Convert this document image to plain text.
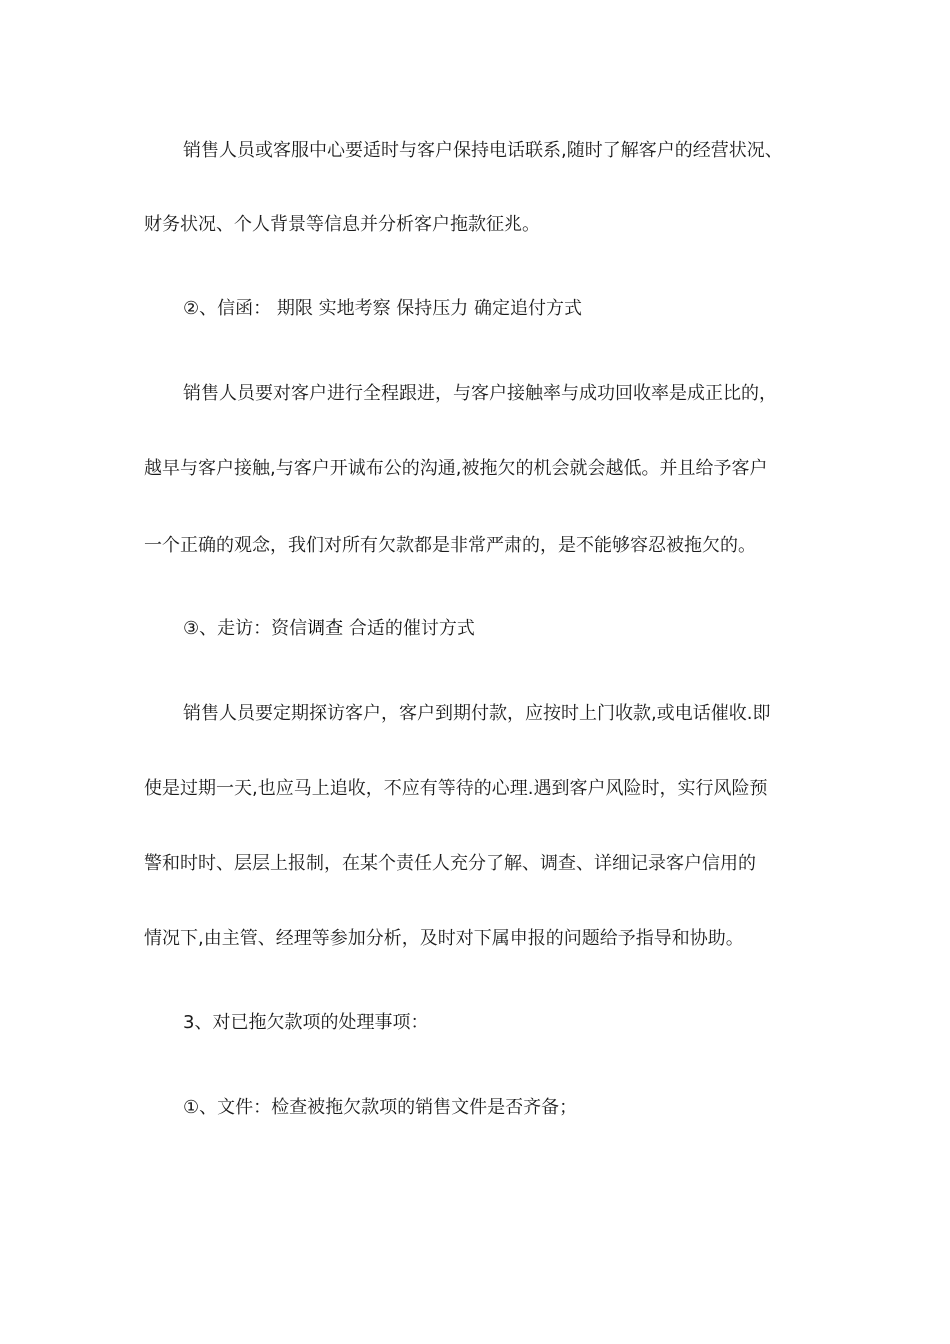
销售人员或客服中心要适时与客户保持电话联系,随时了解客户的经营状况、
财务状况、个人背景等信息并分析客户拖款征兆。
②、信函： 期限 实地考察 保持压力 确定追付方式
销售人员要对客户进行全程跟进，与客户接触率与成功回收率是成正比的，
越早与客户接触,与客户开诚布公的沟通,被拖欠的机会就会越低。并且给予客户
一个正确的观念，我们对所有欠款都是非常严肃的，是不能够容忍被拖欠的。
③、走访：资信调查 合适的催讨方式
销售人员要定期探访客户，客户到期付款，应按时上门收款,或电话催收.即
使是过期一天,也应马上追收，不应有等待的心理.遇到客户风险时，实行风险预
警和时时、层层上报制，在某个责任人充分了解、调查、详细记录客户信用的
情况下,由主管、经理等参加分析，及时对下属申报的问题给予指导和协助。
3、对已拖欠款项的处理事项：
①、文件：检查被拖欠款项的销售文件是否齐备；
